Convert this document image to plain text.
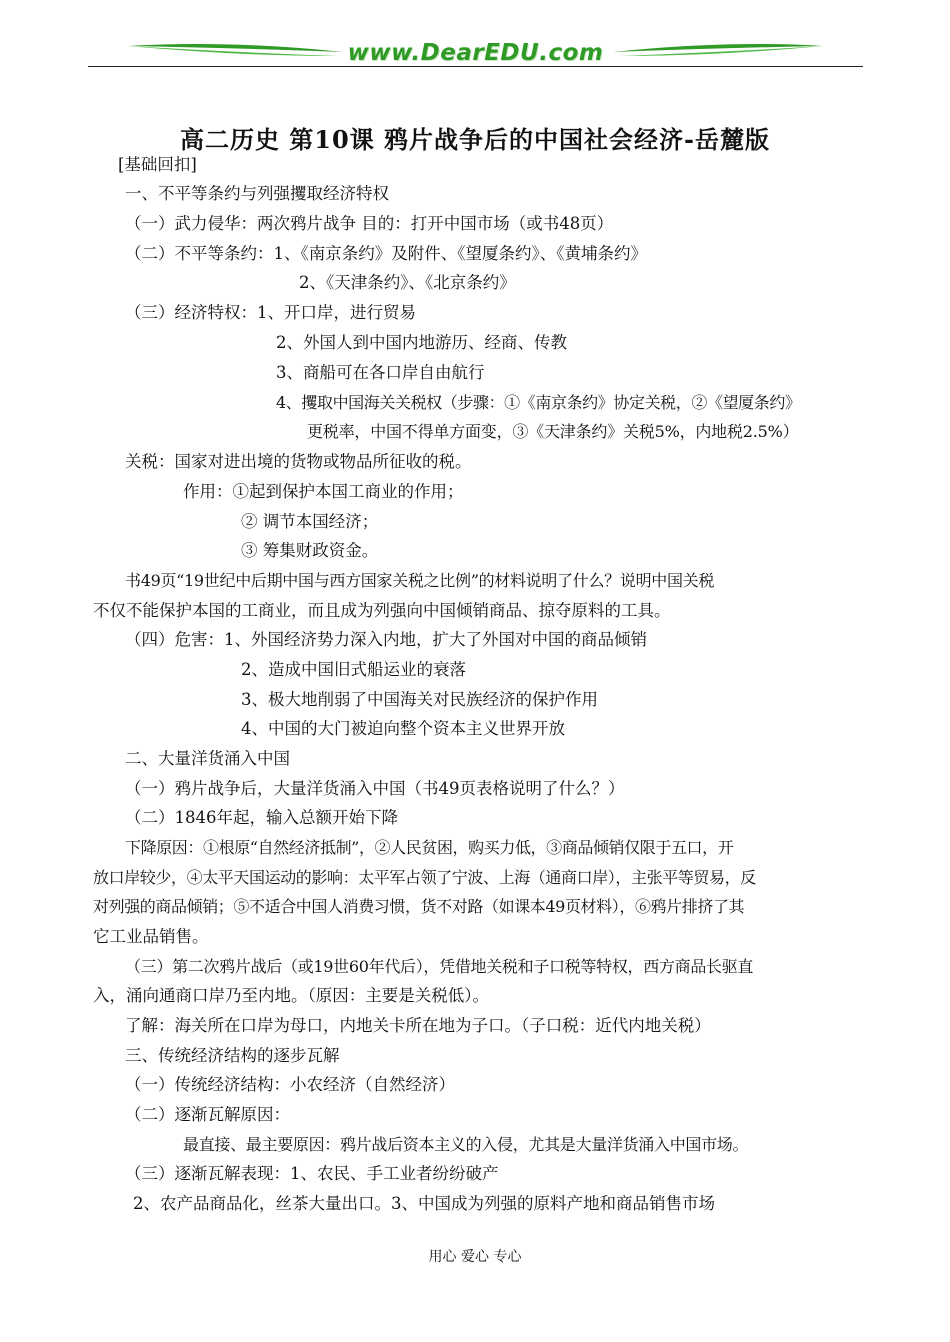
www.DearEDU.com
高二历史 第10课 鸦片战争后的中国社会经济-岳麓版
[基础回扣]
一、不平等条约与列强攫取经济特权
（一）武力侵华：两次鸦片战争 目的：打开中国市场（或书48页）
（二）不平等条约：1、《南京条约》及附件、《望厦条约》、《黄埔条约》
2、《天津条约》、《北京条约》
（三）经济特权：1、开口岸，进行贸易
2、外国人到中国内地游历、经商、传教
3、商船可在各口岸自由航行
4、攫取中国海关关税权（步骤：①《南京条约》协定关税，②《望厦条约》
更税率，中国不得单方面变，③《天津条约》关税5%，内地税2.5%）
关税：国家对进出境的货物或物品所征收的税。
作用：①起到保护本国工商业的作用；
② 调节本国经济；
③ 筹集财政资金。
书49页“19世纪中后期中国与西方国家关税之比例”的材料说明了什么？说明中国关税
不仅不能保护本国的工商业，而且成为列强向中国倾销商品、掠夺原料的工具。
（四）危害：1、外国经济势力深入内地，扩大了外国对中国的商品倾销
2、造成中国旧式船运业的衰落
3、极大地削弱了中国海关对民族经济的保护作用
4、中国的大门被迫向整个资本主义世界开放
二、大量洋货涌入中国
（一）鸦片战争后，大量洋货涌入中国（书49页表格说明了什么？）
（二）1846年起，输入总额开始下降
下降原因：①根原“自然经济抵制”，②人民贫困，购买力低，③商品倾销仅限于五口，开
放口岸较少，④太平天国运动的影响：太平军占领了宁波、上海（通商口岸），主张平等贸易，反
对列强的商品倾销；⑤不适合中国人消费习惯，货不对路（如课本49页材料），⑥鸦片排挤了其
它工业品销售。
（三）第二次鸦片战后（或19世60年代后），凭借地关税和子口税等特权，西方商品长驱直
入，涌向通商口岸乃至内地。（原因：主要是关税低）。
了解：海关所在口岸为母口，内地关卡所在地为子口。（子口税：近代内地关税）
三、传统经济结构的逐步瓦解
（一）传统经济结构：小农经济（自然经济）
（二）逐渐瓦解原因：
最直接、最主要原因：鸦片战后资本主义的入侵，尤其是大量洋货涌入中国市场。
（三）逐渐瓦解表现：1、农民、手工业者纷纷破产
2、农产品商品化，丝茶大量出口。3、中国成为列强的原料产地和商品销售市场
用心 爱心 专心
